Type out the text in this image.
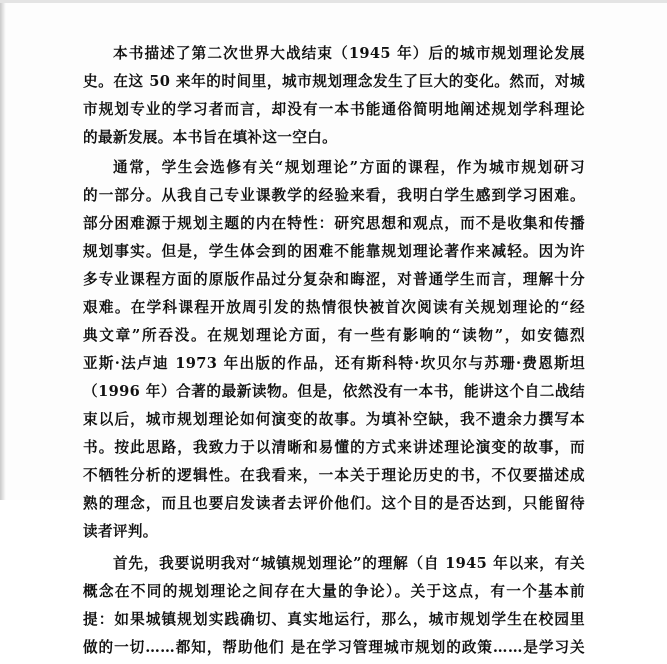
本书描述了第二次世界大战结束（1945 年）后的城市规划理论发展
史。在这 50 来年的时间里，城市规划理念发生了巨大的变化。然而，对城
市规划专业的学习者而言，却没有一本书能通俗简明地阐述规划学科理论
的最新发展。本书旨在填补这一空白。
通常，学生会选修有关“规划理论”方面的课程，作为城市规划研习
的一部分。从我自己专业课教学的经验来看，我明白学生感到学习困难。
部分困难源于规划主题的内在特性：研究思想和观点，而不是收集和传播
规划事实。但是，学生体会到的困难不能靠规划理论著作来减轻。因为许
多专业课程方面的原版作品过分复杂和晦涩，对普通学生而言，理解十分
艰难。在学科课程开放周引发的热情很快被首次阅读有关规划理论的“经
典文章”所吞没。在规划理论方面，有一些有影响的“读物”，如安德烈
亚斯·法卢迪 1973 年出版的作品，还有斯科特·坎贝尔与苏珊·费恩斯坦
（1996 年）合著的最新读物。但是，依然没有一本书，能讲这个自二战结
束以后，城市规划理论如何演变的故事。为填补空缺，我不遗余力撰写本
书。按此思路，我致力于以清晰和易懂的方式来讲述理论演变的故事，而
不牺牲分析的逻辑性。在我看来，一本关于理论历史的书，不仅要描述成
熟的理念，而且也要启发读者去评价他们。这个目的是否达到，只能留待
读者评判。
首先，我要说明我对“城镇规划理论”的理解（自 1945 年以来，有关
概念在不同的规划理论之间存在大量的争论）。关于这点，有一个基本前
提：如果城镇规划实践确切、真实地运行，那么，城市规划学生在校园里
做的一切……都知，帮助他们 是在学习管理城市规划的政策……是学习关
